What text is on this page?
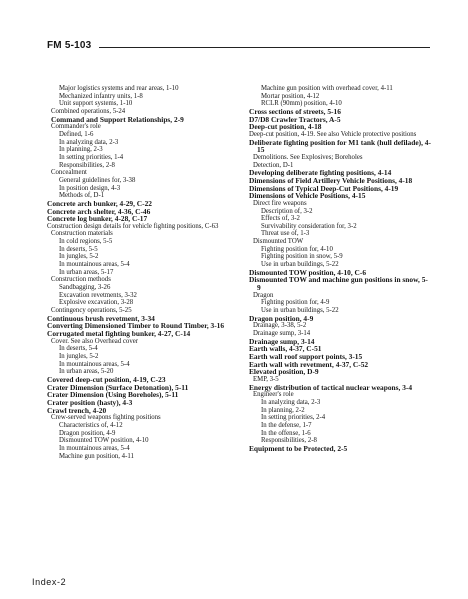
FM 5-103
Major logistics systems and rear areas, 1-10
Mechanized infantry units, 1-8
Unit support systems, 1-10
Combined operations, 5-24
Command and Support Relationships, 2-9
Commander's role
Defined, 1-6
In analyzing data, 2-3
In planning, 2-3
In setting priorities, 1-4
Responsibilities, 2-8
Concealment
General guidelines for, 3-38
In position design, 4-3
Methods of, D-1
Concrete arch bunker, 4-29, C-22
Concrete arch shelter, 4-36, C-46
Concrete log bunker, 4-28, C-17
Construction design details for vehicle fighting positions, C-63
Construction materials
In cold regions, 5-5
In deserts, 5-5
In jungles, 5-2
In mountainous areas, 5-4
In urban areas, 5-17
Construction methods
Sandbagging, 3-26
Excavation revetments, 3-32
Explosive excavation, 3-28
Contingency operations, 5-25
Continuous brush revetment, 3-34
Converting Dimensioned Timber to Round Timber, 3-16
Corrugated metal fighting bunker, 4-27, C-14
Cover. See also Overhead cover
In deserts, 5-4
In jungles, 5-2
In mountainous areas, 5-4
In urban areas, 5-20
Covered deep-cut position, 4-19, C-23
Crater Dimension (Surface Detonation), 5-11
Crater Dimension (Using Boreholes), 5-11
Crater position (hasty), 4-3
Crawl trench, 4-20
Crew-served weapons fighting positions
Characteristics of, 4-12
Dragon position, 4-9
Dismounted TOW position, 4-10
In mountainous areas, 5-4
Machine gun position, 4-11
Machine gun position with overhead cover, 4-11
Mortar position, 4-12
RCLR (90mm) position, 4-10
Cross sections of streets, 5-16
D7/D8 Crawler Tractors, A-5
Deep-cut position, 4-18
Deep-cut position, 4-19. See also Vehicle protective positions
Deliberate fighting position for M1 tank (hull defilade), 4-15
Demolitions. See Explosives; Boreholes
Detection, D-1
Developing deliberate fighting positions, 4-14
Dimensions of Field Artillery Vehicle Positions, 4-18
Dimensions of Typical Deep-Cut Positions, 4-19
Dimensions of Vehicle Positions, 4-15
Direct fire weapons
Description of, 3-2
Effects of, 3-2
Survivability consideration for, 3-2
Threat use of, 1-3
Dismounted TOW
Fighting position for, 4-10
Fighting position in snow, 5-9
Use in urban buildings, 5-22
Dismounted TOW position, 4-10, C-6
Dismounted TOW and machine gun positions in snow, 5-9
Dragon
Fighting position for, 4-9
Use in urban buildings, 5-22
Dragon position, 4-9
Drainage, 3-38, 5-2
Drainage sump, 3-14
Drainage sump, 3-14
Earth walls, 4-37, C-51
Earth wall roof support points, 3-15
Earth wall with revetment, 4-37, C-52
Elevated position, D-9
EMP, 3-5
Energy distribution of tactical nuclear weapons, 3-4
Engineer's role
In analyzing data, 2-3
In planning, 2-2
In setting priorities, 2-4
In the defense, 1-7
In the offense, 1-6
Responsibilities, 2-8
Equipment to be Protected, 2-5
Index-2
